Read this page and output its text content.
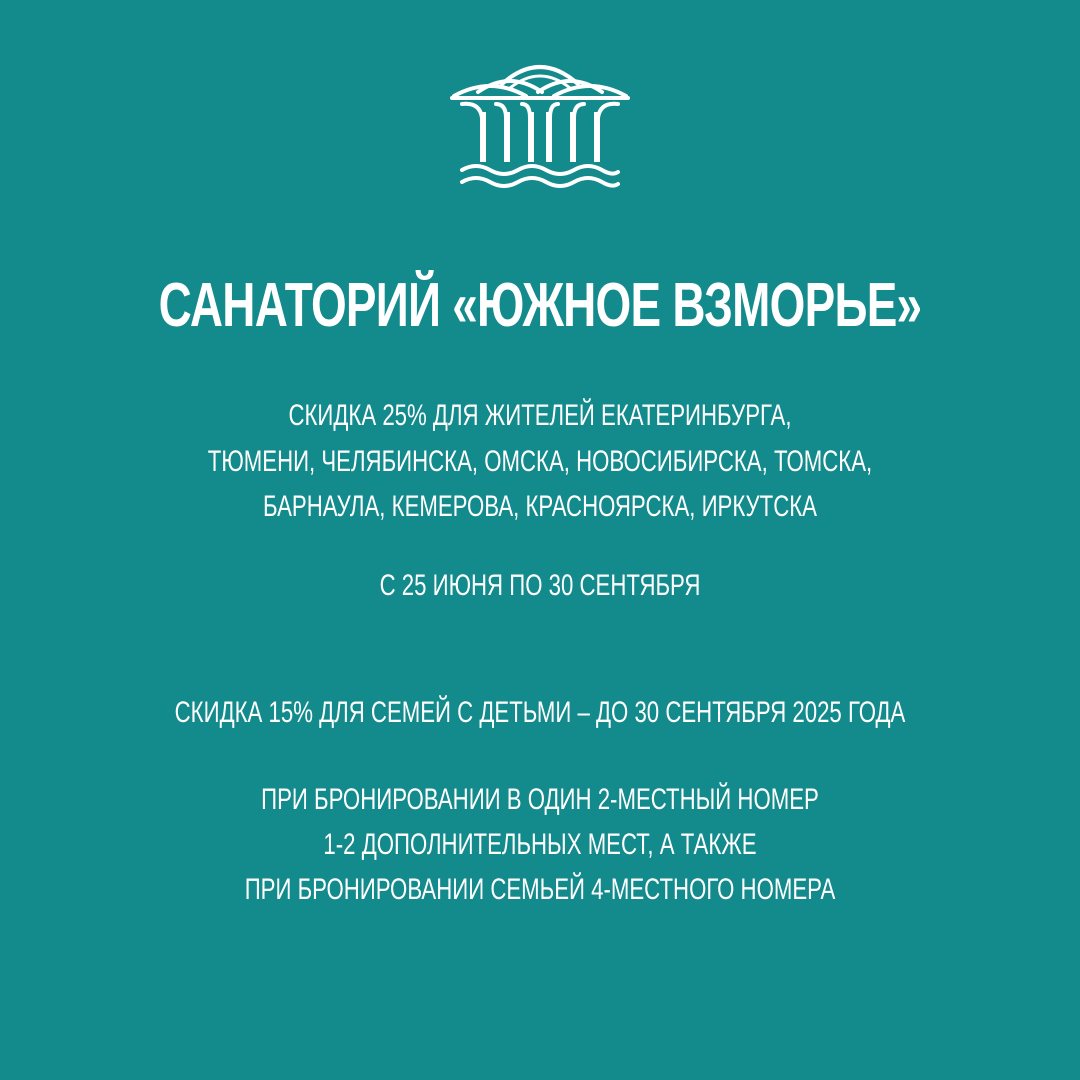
САНАТОРИЙ «ЮЖНОЕ ВЗМОРЬЕ»
СКИДКА 25% ДЛЯ ЖИТЕЛЕЙ ЕКАТЕРИНБУРГА,
ТЮМЕНИ, ЧЕЛЯБИНСКА, ОМСКА, НОВОСИБИРСКА, ТОМСКА,
БАРНАУЛА, КЕМЕРОВА, КРАСНОЯРСКА, ИРКУТСКА
С 25 ИЮНЯ ПО 30 СЕНТЯБРЯ
СКИДКА 15% ДЛЯ СЕМЕЙ С ДЕТЬМИ – ДО 30 СЕНТЯБРЯ 2025 ГОДА
ПРИ БРОНИРОВАНИИ В ОДИН 2-МЕСТНЫЙ НОМЕР
1-2 ДОПОЛНИТЕЛЬНЫХ МЕСТ, А ТАКЖЕ
ПРИ БРОНИРОВАНИИ СЕМЬЕЙ 4-МЕСТНОГО НОМЕРА
